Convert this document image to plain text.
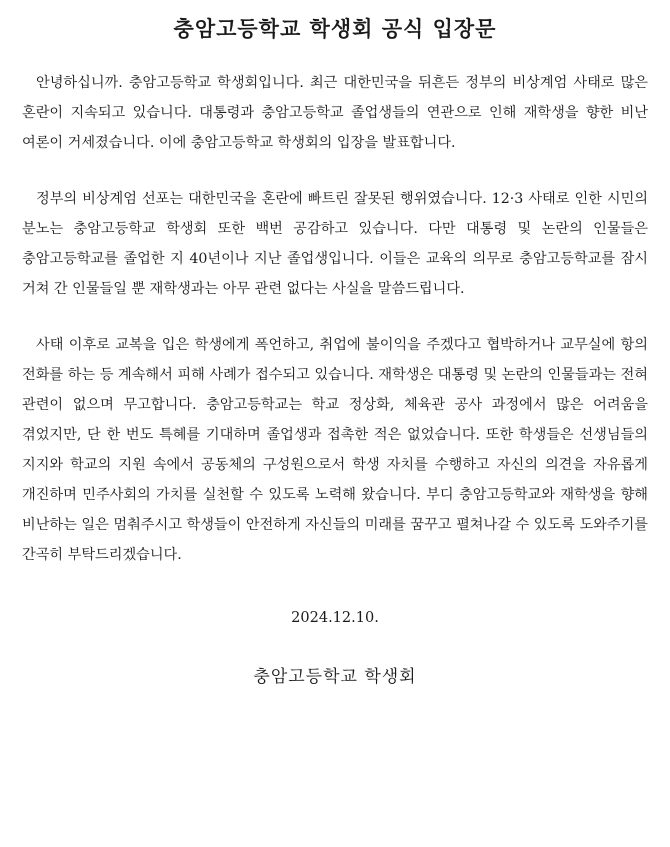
충암고등학교 학생회 공식 입장문

안녕하십니까. 충암고등학교 학생회입니다. 최근 대한민국을 뒤흔든 정부의 비상계엄 사태로 많은 혼란이 지속되고 있습니다. 대통령과 충암고등학교 졸업생들의 연관으로 인해 재학생을 향한 비난 여론이 거세졌습니다. 이에 충암고등학교 학생회의 입장을 발표합니다.

정부의 비상계엄 선포는 대한민국을 혼란에 빠트린 잘못된 행위였습니다. 12·3 사태로 인한 시민의 분노는 충암고등학교 학생회 또한 백번 공감하고 있습니다. 다만 대통령 및 논란의 인물들은 충암고등학교를 졸업한 지 40년이나 지난 졸업생입니다. 이들은 교육의 의무로 충암고등학교를 잠시 거쳐 간 인물들일 뿐 재학생과는 아무 관련 없다는 사실을 말씀드립니다.

사태 이후로 교복을 입은 학생에게 폭언하고, 취업에 불이익을 주겠다고 협박하거나 교무실에 항의 전화를 하는 등 계속해서 피해 사례가 접수되고 있습니다. 재학생은 대통령 및 논란의 인물들과는 전혀 관련이 없으며 무고합니다. 충암고등학교는 학교 정상화, 체육관 공사 과정에서 많은 어려움을 겪었지만, 단 한 번도 특혜를 기대하며 졸업생과 접촉한 적은 없었습니다. 또한 학생들은 선생님들의 지지와 학교의 지원 속에서 공동체의 구성원으로서 학생 자치를 수행하고 자신의 의견을 자유롭게 개진하며 민주사회의 가치를 실천할 수 있도록 노력해 왔습니다. 부디 충암고등학교와 재학생을 향해 비난하는 일은 멈춰주시고 학생들이 안전하게 자신들의 미래를 꿈꾸고 펼쳐나갈 수 있도록 도와주기를 간곡히 부탁드리겠습니다.

2024.12.10.
충암고등학교 학생회
